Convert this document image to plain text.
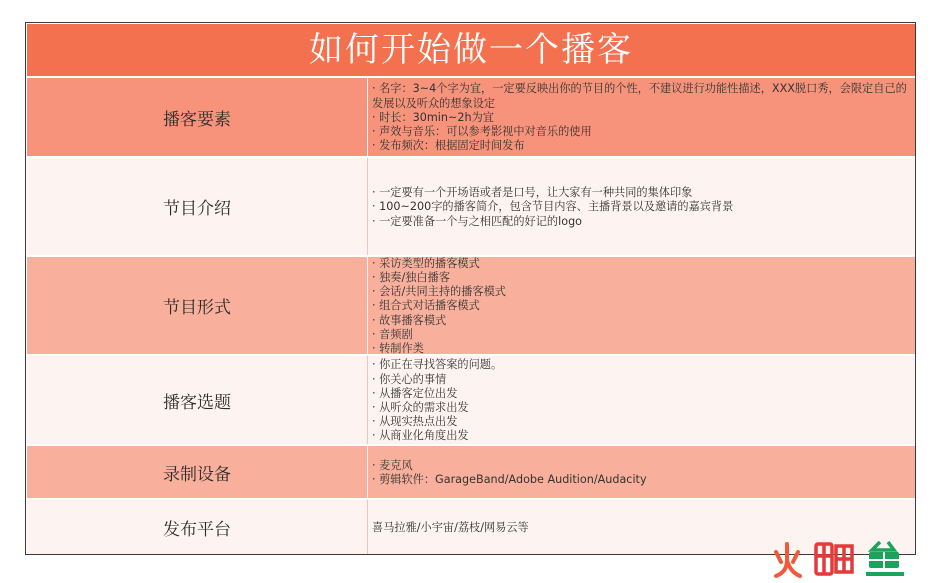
如何开始做一个播客
播客要素
· 名字：3~4个字为宜，一定要反映出你的节目的个性，不建议进行功能性描述，XXX脱口秀，会限定自己的发展以及听众的想象设定
· 时长：30min~2h为宜
· 声效与音乐：可以参考影视中对音乐的使用
· 发布频次：根据固定时间发布
节目介绍
· 一定要有一个开场语或者是口号，让大家有一种共同的集体印象
· 100~200字的播客简介，包含节目内容、主播背景以及邀请的嘉宾背景
· 一定要准备一个与之相匹配的好记的logo
节目形式
· 采访类型的播客模式
· 独奏/独白播客
· 会话/共同主持的播客模式
· 组合式对话播客模式
· 故事播客模式
· 音频剧
· 转制作类
播客选题
· 你正在寻找答案的问题。
· 你关心的事情
· 从播客定位出发
· 从听众的需求出发
· 从现实热点出发
· 从商业化角度出发
录制设备	· 麦克风
· 剪辑软件：GarageBand/Adobe Audition/Audacity
发布平台	喜马拉雅/小宇宙/荔枝/网易云等
